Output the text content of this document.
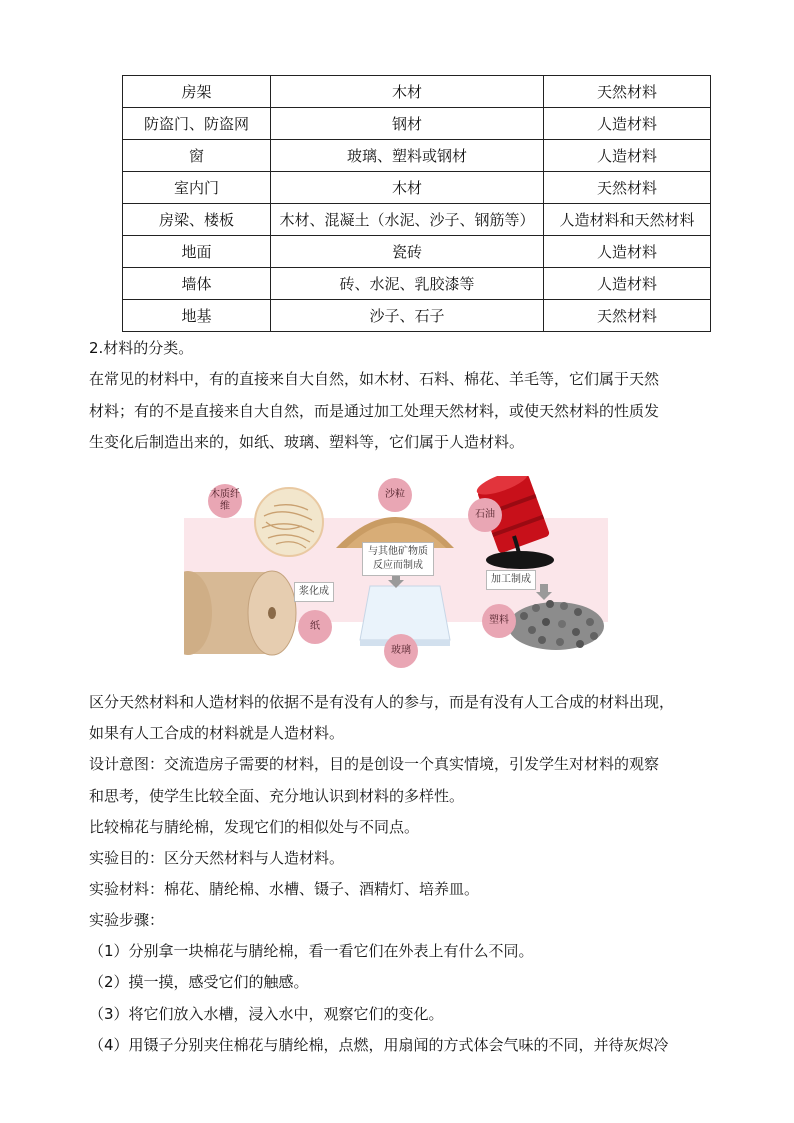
房架	木材	天然材料
防盗门、防盗网	钢材	人造材料
窗	玻璃、塑料或钢材	人造材料
室内门	木材	天然材料
房梁、楼板	木材、混凝土（水泥、沙子、钢筋等）	人造材料和天然材料
地面	瓷砖	人造材料
墙体	砖、水泥、乳胶漆等	人造材料
地基	沙子、石子	天然材料

2.材料的分类。

在常见的材料中，有的直接来自大自然，如木材、石料、棉花、羊毛等，它们属于天然

材料；有的不是直接来自大自然，而是通过加工处理天然材料，或使天然材料的性质发

生变化后制造出来的，如纸、玻璃、塑料等，它们属于人造材料。

木质纤维
沙粒
石油
纸
玻璃
塑料
浆化成
与其他矿物质反应而制成
加工制成

区分天然材料和人造材料的依据不是有没有人的参与，而是有没有人工合成的材料出现，

如果有人工合成的材料就是人造材料。

设计意图：交流造房子需要的材料，目的是创设一个真实情境，引发学生对材料的观察

和思考，使学生比较全面、充分地认识到材料的多样性。

比较棉花与腈纶棉，发现它们的相似处与不同点。

实验目的：区分天然材料与人造材料。

实验材料：棉花、腈纶棉、水槽、镊子、酒精灯、培养皿。

实验步骤：

（1）分别拿一块棉花与腈纶棉，看一看它们在外表上有什么不同。

（2）摸一摸，感受它们的触感。

（3）将它们放入水槽，浸入水中，观察它们的变化。

（4）用镊子分别夹住棉花与腈纶棉，点燃，用扇闻的方式体会气味的不同，并待灰烬冷
